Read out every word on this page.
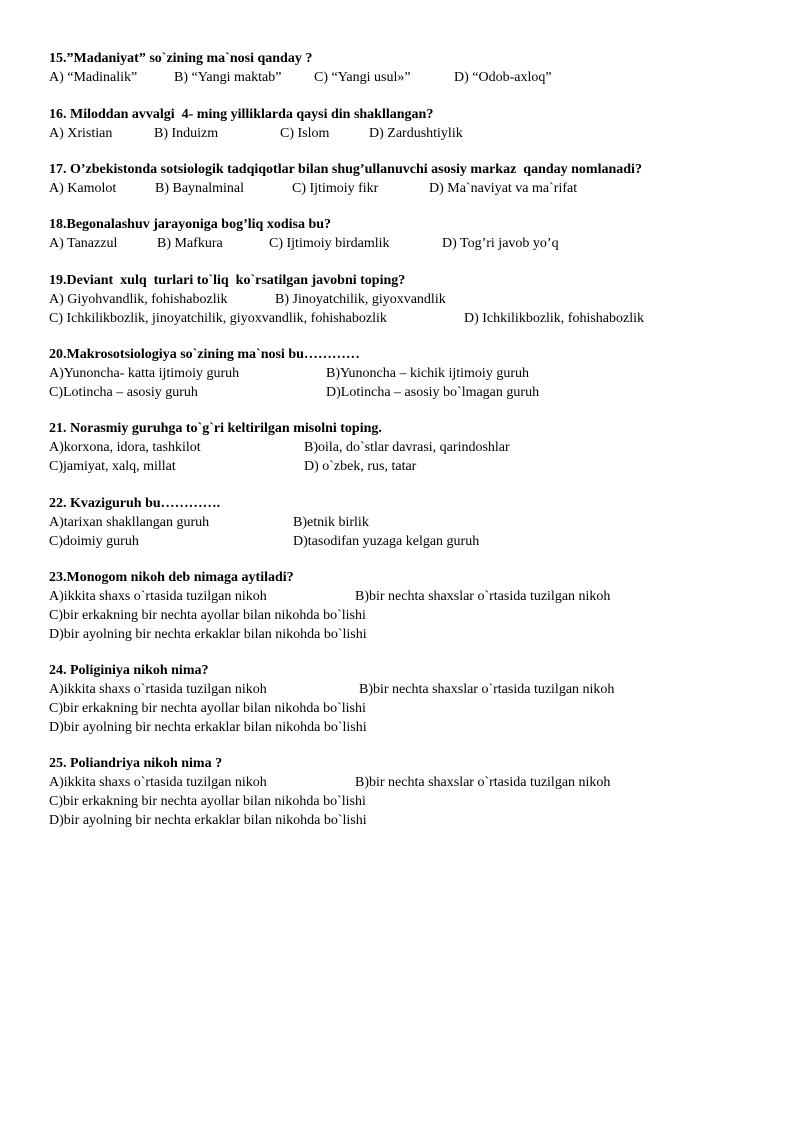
15.”Madaniyat” so`zining ma`nosi qanday ?

A) “Madinalik”

	B) “Yangi maktab”

C) “Yangi usul»”

	D) “Odob-axloq”

16. Miloddan avvalgi  4- ming yilliklarda qaysi din shakllangan?

A) Xristian

	B) Induizm

	C) Islom

	D) Zardushtiylik

17. O’zbekistonda sotsiologik tadqiqotlar bilan shug’ullanuvchi asosiy markaz  qanday nomlanadi?

A) Kamolot

	B) Baynalminal

	C) Ijtimoiy fikr

	D) Ma`naviyat va ma`rifat

18.Begonalashuv jarayoniga bog’liq xodisa bu?

A) Tanazzul

	B) Mafkura

	C) Ijtimoiy birdamlik

	D) Tog’ri javob yo’q

19.Deviant  xulq  turlari to`liq  ko`rsatilgan javobni toping?

A) Giyohvandlik, fohishabozlik

	B) Jinoyatchilik, giyoxvandlik

C) Ichkilikbozlik, jinoyatchilik, giyoxvandlik, fohishabozlik

	D) Ichkilikbozlik, fohishabozlik

20.Makrosotsiologiya so`zining ma`nosi bu…………

A)Yunoncha- katta ijtimoiy guruh

	B)Yunoncha – kichik ijtimoiy guruh

C)Lotincha – asosiy guruh

	D)Lotincha – asosiy bo`lmagan guruh

21. Norasmiy guruhga to`g`ri keltirilgan misolni toping.

A)korxona, idora, tashkilot

	B)oila, do`stlar davrasi, qarindoshlar

C)jamiyat, xalq, millat

	D) o`zbek, rus, tatar

22. Kvaziguruh bu………….

A)tarixan shakllangan guruh

	B)etnik birlik

C)doimiy guruh

	D)tasodifan yuzaga kelgan guruh

23.Monogom nikoh deb nimaga aytiladi?

A)ikkita shaxs o`rtasida tuzilgan nikoh

	B)bir nechta shaxslar o`rtasida tuzilgan nikoh

C)bir erkakning bir nechta ayollar bilan nikohda bo`lishi

D)bir ayolning bir nechta erkaklar bilan nikohda bo`lishi

24. Poliginiya nikoh nima?

A)ikkita shaxs o`rtasida tuzilgan nikoh

	B)bir nechta shaxslar o`rtasida tuzilgan nikoh

C)bir erkakning bir nechta ayollar bilan nikohda bo`lishi

D)bir ayolning bir nechta erkaklar bilan nikohda bo`lishi

25. Poliandriya nikoh nima ?

A)ikkita shaxs o`rtasida tuzilgan nikoh

	B)bir nechta shaxslar o`rtasida tuzilgan nikoh

C)bir erkakning bir nechta ayollar bilan nikohda bo`lishi

D)bir ayolning bir nechta erkaklar bilan nikohda bo`lishi
